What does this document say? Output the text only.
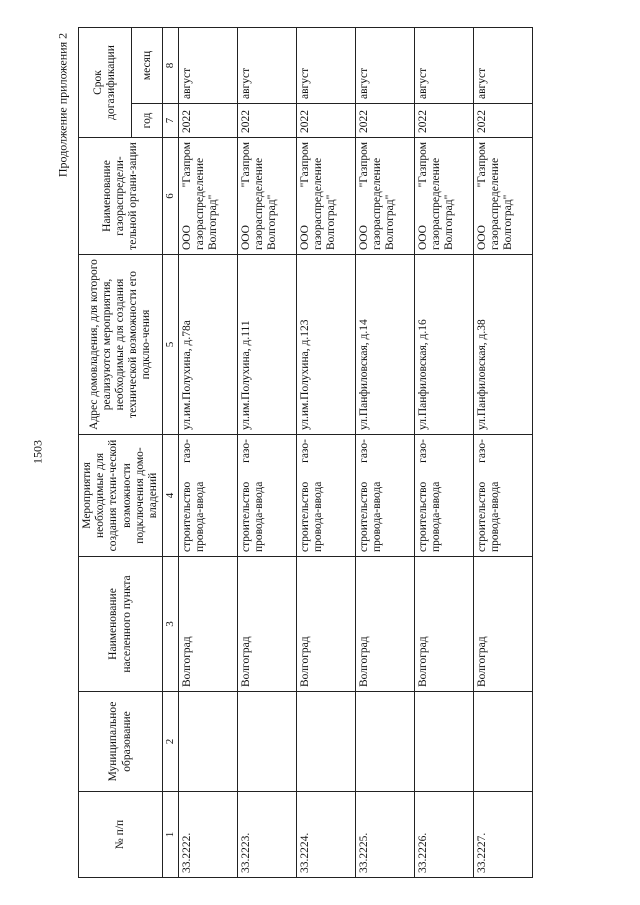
1503
Продолжение приложения 2
№ п/п	Муниципальное образование	Наименование населенного пункта	Мероприятия необходимые для создания техни-ческой возможности подключения домо-владений	Адрес домовладения, для которого реализуются мероприятия, необходимые для создания технической возможности его подклю-чения	Наименование газораспредели-тельной органи-зации	Срок догазификации	
						год	месяц
1	2	3	4	5	6	7	8
33.2222.		Волгоград	строительство газо-провода-ввода	ул.им.Полухина, д.78а	ООО "Газпром газораспределение Волгоград"	2022	август
33.2223.		Волгоград	строительство газо-провода-ввода	ул.им.Полухина, д.111	ООО "Газпром газораспределение Волгоград"	2022	август
33.2224.		Волгоград	строительство газо-провода-ввода	ул.им.Полухина, д.123	ООО "Газпром газораспределение Волгоград"	2022	август
33.2225.		Волгоград	строительство газо-провода-ввода	ул.Панфиловская, д.14	ООО "Газпром газораспределение Волгоград"	2022	август
33.2226.		Волгоград	строительство газо-провода-ввода	ул.Панфиловская, д.16	ООО "Газпром газораспределение Волгоград"	2022	август
33.2227.		Волгоград	строительство газо-провода-ввода	ул.Панфиловская, д.38	ООО "Газпром газораспределение Волгоград"	2022	август
